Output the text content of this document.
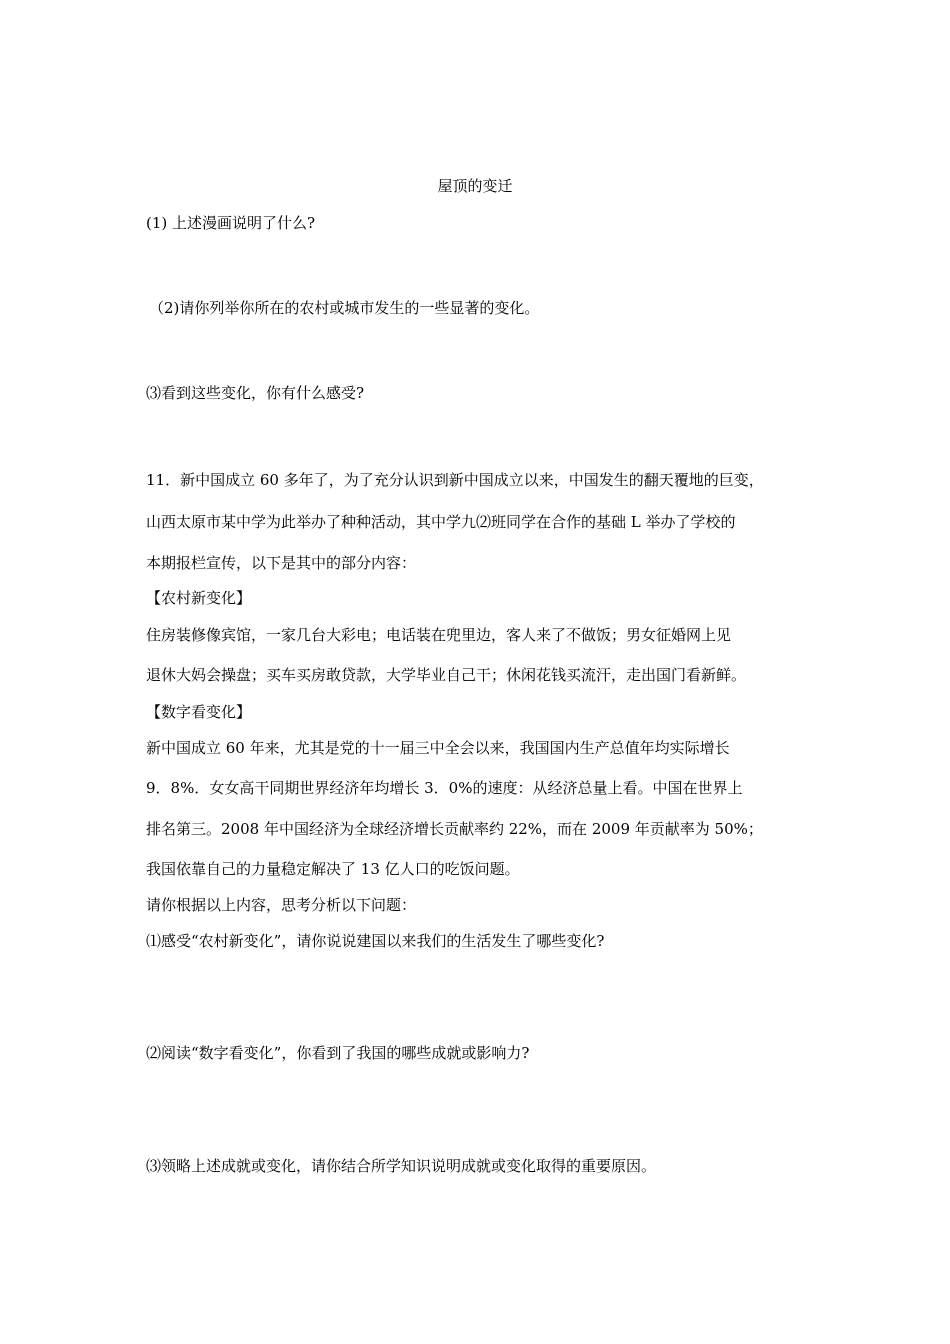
屋顶的变迁
(1) 上述漫画说明了什么?
（2)请你列举你所在的农村或城市发生的一些显著的变化。
⑶看到这些变化，你有什么感受?
11．新中国成立 60 多年了，为了充分认识到新中国成立以来，中国发生的翻天覆地的巨变，
山西太原市某中学为此举办了种种活动，其中学九⑵班同学在合作的基础 L 举办了学校的
本期报栏宣传，以下是其中的部分内容：
【农村新变化】
住房装修像宾馆，一家几台大彩电；电话装在兜里边，客人来了不做饭；男女征婚网上见
退休大妈会操盘；买车买房敢贷款，大学毕业自己干；休闲花钱买流汗，走出国门看新鲜。
【数字看变化】
新中国成立 60 年来，尤其是党的十一届三中全会以来，我国国内生产总值年均实际增长
9．8%．女女高干同期世界经济年均增长 3．0%的速度：从经济总量上看。中国在世界上
排名第三。2008 年中国经济为全球经济增长贡献率约 22%，而在 2009 年贡献率为 50%；
我国依靠自己的力量稳定解决了 13 亿人口的吃饭问题。
请你根据以上内容，思考分析以下问题：
⑴感受“农村新变化”，请你说说建国以来我们的生活发生了哪些变化?
⑵阅读“数字看变化”，你看到了我国的哪些成就或影响力?
⑶领略上述成就或变化，请你结合所学知识说明成就或变化取得的重要原因。
